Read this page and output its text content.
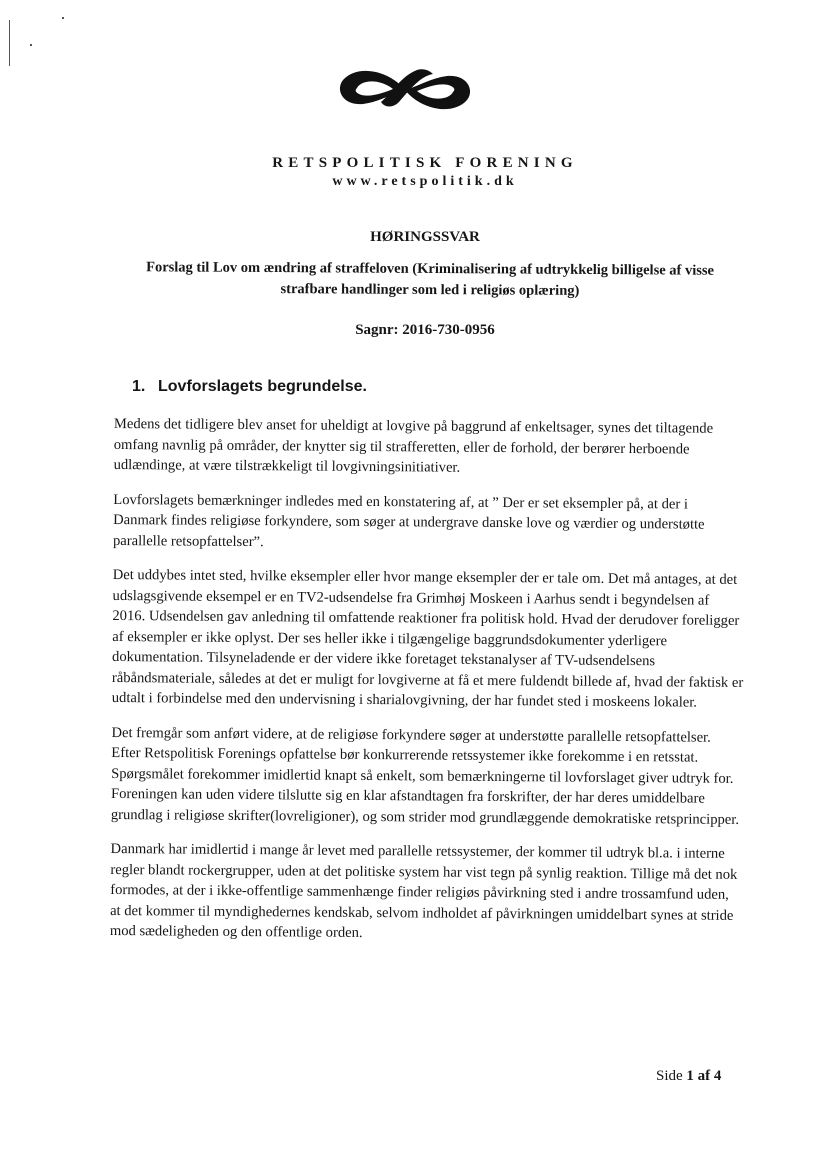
RETSPOLITISK FORENING
www.retspolitik.dk
HØRINGSSVAR
Forslag til Lov om ændring af straffeloven (Kriminalisering af udtrykkelig billigelse af visse strafbare handlinger som led i religiøs oplæring)
Sagnr: 2016-730-0956
1. Lovforslagets begrundelse.

Medens det tidligere blev anset for uheldigt at lovgive på baggrund af enkeltsager, synes det tiltagende omfang navnlig på områder, der knytter sig til strafferetten, eller de forhold, der berører herboende udlændinge, at være tilstrækkeligt til lovgivningsinitiativer.

Lovforslagets bemærkninger indledes med en konstatering af, at ” Der er set eksempler på, at der i Danmark findes religiøse forkyndere, som søger at undergrave danske love og værdier og understøtte parallelle retsopfattelser”.

Det uddybes intet sted, hvilke eksempler eller hvor mange eksempler der er tale om. Det må antages, at det udslagsgivende eksempel er en TV2-udsendelse fra Grimhøj Moskeen i Aarhus sendt i begyndelsen af 2016. Udsendelsen gav anledning til omfattende reaktioner fra politisk hold. Hvad der derudover foreligger af eksempler er ikke oplyst. Der ses heller ikke i tilgængelige baggrundsdokumenter yderligere dokumentation. Tilsyneladende er der videre ikke foretaget tekstanalyser af TV-udsendelsens råbåndsmateriale, således at det er muligt for lovgiverne at få et mere fuldendt billede af, hvad der faktisk er udtalt i forbindelse med den undervisning i sharialovgivning, der har fundet sted i moskeens lokaler.

Det fremgår som anført videre, at de religiøse forkyndere søger at understøtte parallelle retsopfattelser. Efter Retspolitisk Forenings opfattelse bør konkurrerende retssystemer ikke forekomme i en retsstat. Spørgsmålet forekommer imidlertid knapt så enkelt, som bemærkningerne til lovforslaget giver udtryk for. Foreningen kan uden videre tilslutte sig en klar afstandtagen fra forskrifter, der har deres umiddelbare grundlag i religiøse skrifter(lovreligioner), og som strider mod grundlæggende demokratiske retsprincipper.

Danmark har imidlertid i mange år levet med parallelle retssystemer, der kommer til udtryk bl.a. i interne regler blandt rockergrupper, uden at det politiske system har vist tegn på synlig reaktion. Tillige må det nok formodes, at der i ikke-offentlige sammenhænge finder religiøs påvirkning sted i andre trossamfund uden, at det kommer til myndighedernes kendskab, selvom indholdet af påvirkningen umiddelbart synes at stride mod sædeligheden og den offentlige orden.

Side 1 af 4
